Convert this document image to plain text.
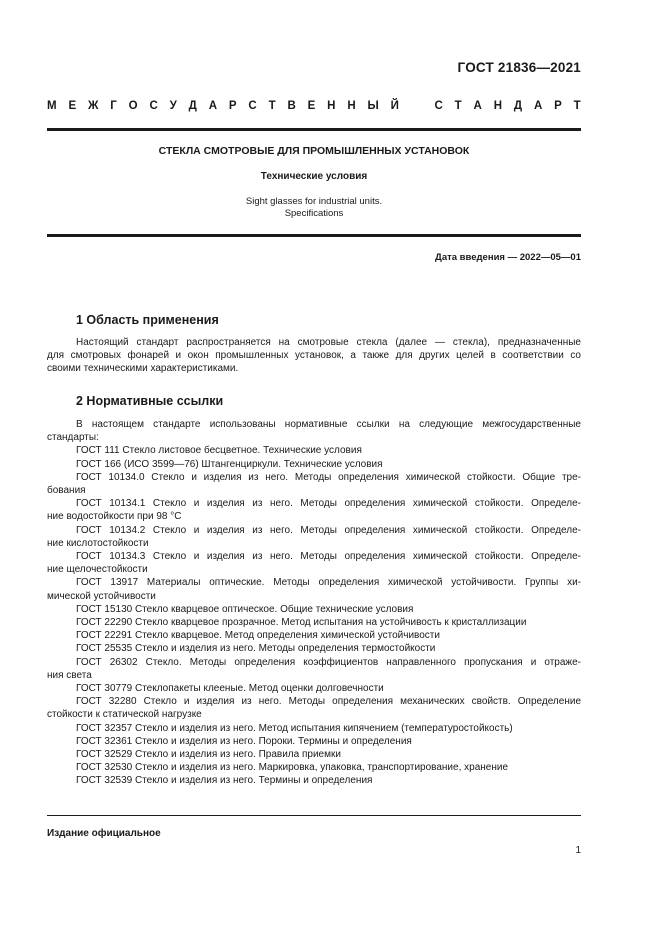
ГОСТ 21836—2021
М Е Ж Г О С У Д А Р С Т В Е Н Н Ы Й	С Т А Н Д А Р Т
СТЕКЛА СМОТРОВЫЕ ДЛЯ ПРОМЫШЛЕННЫХ УСТАНОВОК
Технические условия
Sight glasses for industrial units.
Specifications
Дата введения — 2022—05—01
1 Область применения
Настоящий стандарт распространяется на смотровые стекла (далее — стекла), предназначенные
для смотровых фонарей и окон промышленных установок, а также для других целей в соответствии со
своими техническими характеристиками.
2 Нормативные ссылки
В настоящем стандарте использованы нормативные ссылки на следующие межгосударственные
стандарты:
ГОСТ 111 Стекло листовое бесцветное. Технические условия
ГОСТ 166 (ИСО 3599—76) Штангенциркули. Технические условия
ГОСТ 10134.0 Стекло и изделия из него. Методы определения химической стойкости. Общие тре-
бования
ГОСТ 10134.1 Стекло и изделия из него. Методы определения химической стойкости. Определе-
ние водостойкости при 98 °С
ГОСТ 10134.2 Стекло и изделия из него. Методы определения химической стойкости. Определе-
ние кислотостойкости
ГОСТ 10134.3 Стекло и изделия из него. Методы определения химической стойкости. Определе-
ние щелочестойкости
ГОСТ 13917 Материалы оптические. Методы определения химической устойчивости. Группы хи-
мической устойчивости
ГОСТ 15130 Стекло кварцевое оптическое. Общие технические условия
ГОСТ 22290 Стекло кварцевое прозрачное. Метод испытания на устойчивость к кристаллизации
ГОСТ 22291 Стекло кварцевое. Метод определения химической устойчивости
ГОСТ 25535 Стекло и изделия из него. Методы определения термостойкости
ГОСТ 26302 Стекло. Методы определения коэффициентов направленного пропускания и отраже-
ния света
ГОСТ 30779 Стеклопакеты клееные. Метод оценки долговечности
ГОСТ 32280 Стекло и изделия из него. Методы определения механических свойств. Определение
стойкости к статической нагрузке
ГОСТ 32357 Стекло и изделия из него. Метод испытания кипячением (температуростойкость)
ГОСТ 32361 Стекло и изделия из него. Пороки. Термины и определения
ГОСТ 32529 Стекло и изделия из него. Правила приемки
ГОСТ 32530 Стекло и изделия из него. Маркировка, упаковка, транспортирование, хранение
ГОСТ 32539 Стекло и изделия из него. Термины и определения
Издание официальное
1
